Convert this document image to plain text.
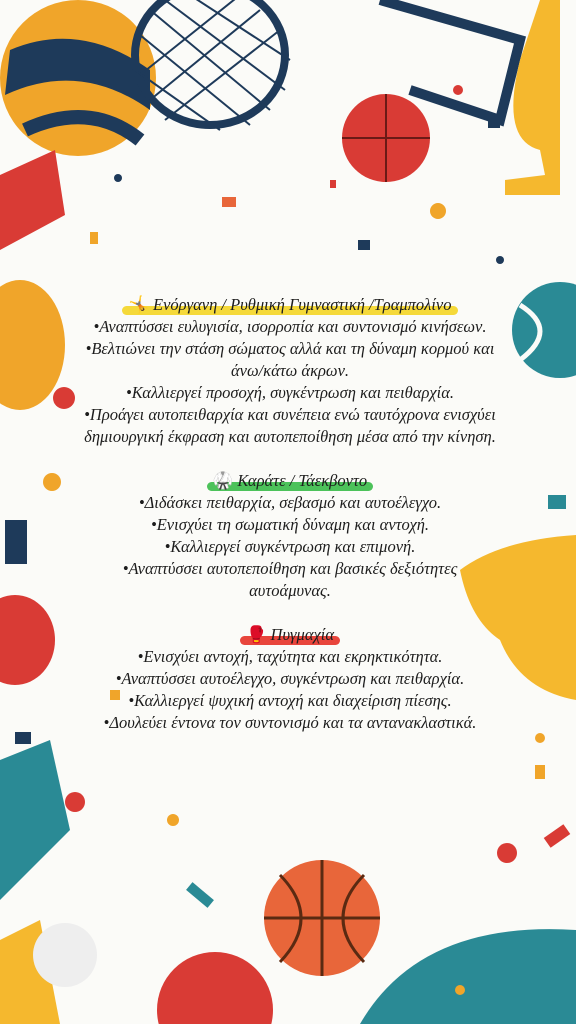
🤸 Ενόργανη / Ρυθμική Γυμναστική /Τραμπολίνο
•Αναπτύσσει ευλυγισία, ισορροπία και συντονισμό κινήσεων.
•Βελτιώνει την στάση σώματος αλλά και τη δύναμη κορμού και άνω/κάτω άκρων.
•Καλλιεργεί προσοχή, συγκέντρωση και πειθαρχία.
•Προάγει αυτοπειθαρχία και συνέπεια ενώ ταυτόχρονα ενισχύει δημιουργική έκφραση και αυτοπεποίθηση μέσα από την κίνηση.
🥋 Καράτε / Τάεκβοντο
•Διδάσκει πειθαρχία, σεβασμό και αυτοέλεγχο.
•Ενισχύει τη σωματική δύναμη και αντοχή.
•Καλλιεργεί συγκέντρωση και επιμονή.
•Αναπτύσσει αυτοπεποίθηση και βασικές δεξιότητες αυτοάμυνας.
🥊 Πυγμαχία
•Ενισχύει αντοχή, ταχύτητα και εκρηκτικότητα.
•Αναπτύσσει αυτοέλεγχο, συγκέντρωση και πειθαρχία.
•Καλλιεργεί ψυχική αντοχή και διαχείριση πίεσης.
•Δουλεύει έντονα τον συντονισμό και τα αντανακλαστικά.
